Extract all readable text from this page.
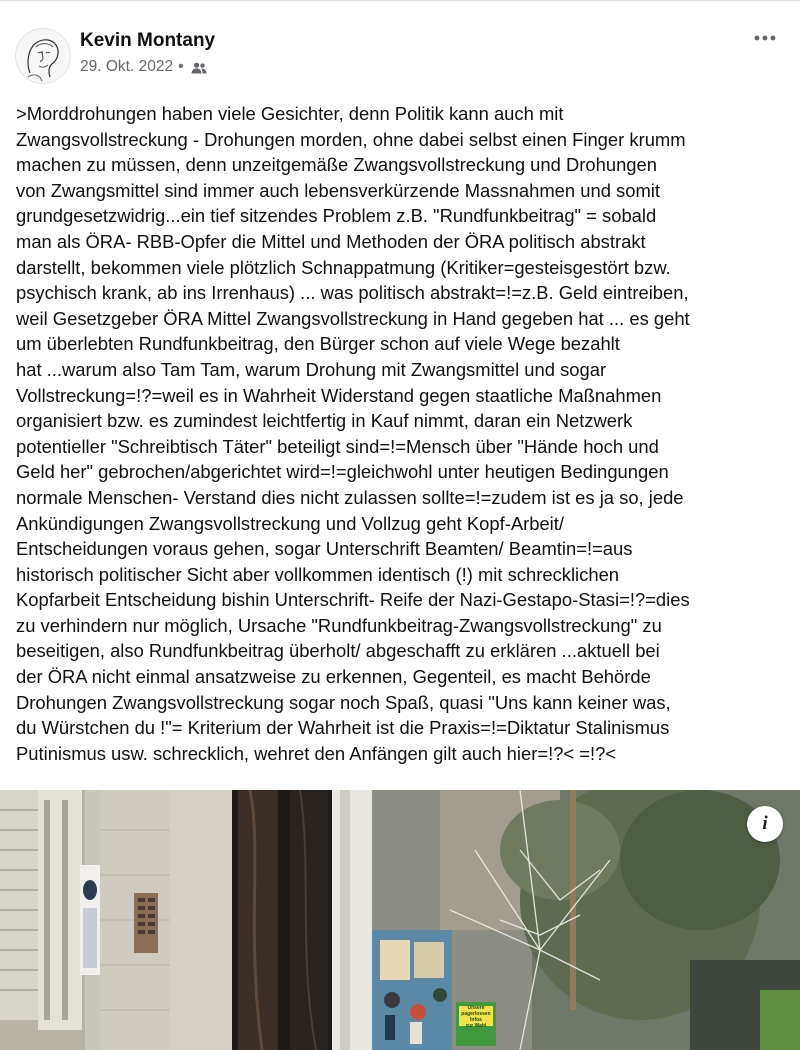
Kevin Montany
29. Okt. 2022 •
>Morddrohungen haben viele Gesichter, denn Politik kann auch mit
Zwangsvollstreckung - Drohungen morden, ohne dabei selbst einen Finger krumm
machen zu müssen, denn unzeitgemäße Zwangsvollstreckung und Drohungen
von Zwangsmittel sind immer auch lebensverkürzende Massnahmen und somit
grundgesetzwidrig...ein tief sitzendes Problem z.B. "Rundfunkbeitrag" = sobald
man als ÖRA- RBB-Opfer die Mittel und Methoden der ÖRA politisch abstrakt
darstellt, bekommen viele plötzlich Schnappatmung (Kritiker=gesteisgestört bzw.
psychisch krank, ab ins Irrenhaus) ... was politisch abstrakt=!=z.B. Geld eintreiben,
weil Gesetzgeber ÖRA Mittel Zwangsvollstreckung in Hand gegeben hat ... es geht
um überlebten Rundfunkbeitrag, den Bürger schon auf viele Wege bezahlt
hat ...warum also Tam Tam, warum Drohung mit Zwangsmittel und sogar
Vollstreckung=!?=weil es in Wahrheit Widerstand gegen staatliche Maßnahmen
organisiert bzw. es zumindest leichtfertig in Kauf nimmt, daran ein Netzwerk
potentieller "Schreibtisch Täter" beteiligt sind=!=Mensch über "Hände hoch und
Geld her" gebrochen/abgerichtet wird=!=gleichwohl unter heutigen Bedingungen
normale Menschen- Verstand dies nicht zulassen sollte=!=zudem ist es ja so, jede
Ankündigungen Zwangsvollstreckung und Vollzug geht Kopf-Arbeit/
Entscheidungen voraus gehen, sogar Unterschrift Beamten/ Beamtin=!=aus
historisch politischer Sicht aber vollkommen identisch (!) mit schrecklichen
Kopfarbeit Entscheidung bishin Unterschrift- Reife der Nazi-Gestapo-Stasi=!?=dies
zu verhindern nur möglich, Ursache "Rundfunkbeitrag-Zwangsvollstreckung" zu
beseitigen, also Rundfunkbeitrag überholt/ abgeschafft zu erklären ...aktuell bei
der ÖRA nicht einmal ansatzweise zu erkennen, Gegenteil, es macht Behörde
Drohungen Zwangsvollstreckung sogar noch Spaß, quasi "Uns kann keiner was,
du Würstchen du !"= Kriterium der Wahrheit ist die Praxis=!=Diktatur Stalinismus
Putinismus usw. schrecklich, wehret den Anfängen gilt auch hier=!?< =!?<
Unsere
pagerlossen Infos
zur Wahl
i
